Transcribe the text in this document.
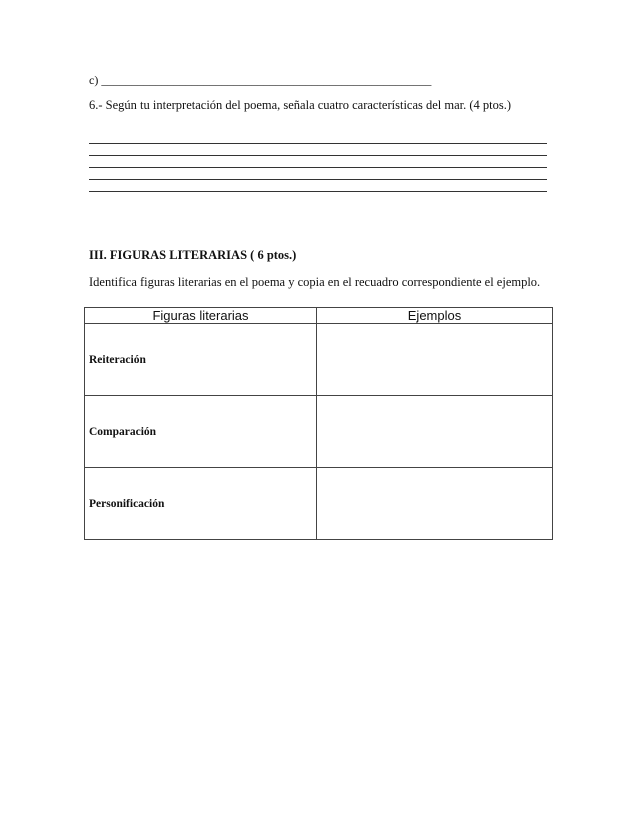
c) _______________________________________________________
6.- Según tu interpretación del poema, señala cuatro características del mar. (4 ptos.)
III. FIGURAS LITERARIAS ( 6 ptos.)
Identifica figuras literarias en el poema y copia en el recuadro correspondiente el ejemplo.
Figuras literarias	Ejemplos
Reiteración	
Comparación	
Personificación	
